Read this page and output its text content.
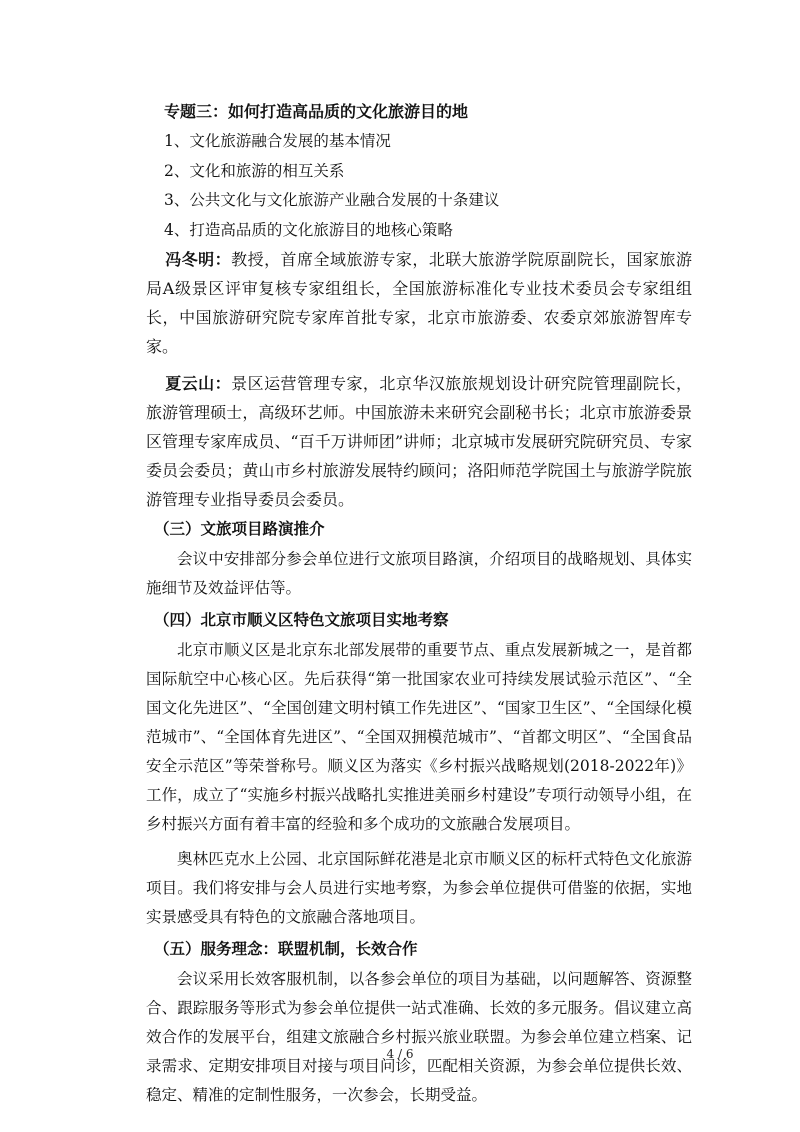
专题三：如何打造高品质的文化旅游目的地
1、文化旅游融合发展的基本情况
2、文化和旅游的相互关系
3、公共文化与文化旅游产业融合发展的十条建议
4、打造高品质的文化旅游目的地核心策略
冯冬明：教授，首席全域旅游专家，北联大旅游学院原副院长，国家旅游局A级景区评审复核专家组组长，全国旅游标准化专业技术委员会专家组组长，中国旅游研究院专家库首批专家，北京市旅游委、农委京郊旅游智库专家。
夏云山：景区运营管理专家，北京华汉旅旅规划设计研究院管理副院长，旅游管理硕士，高级环艺师。中国旅游未来研究会副秘书长；北京市旅游委景区管理专家库成员、“百千万讲师团”讲师；北京城市发展研究院研究员、专家委员会委员；黄山市乡村旅游发展特约顾问；洛阳师范学院国土与旅游学院旅游管理专业指导委员会委员。
（三）文旅项目路演推介
会议中安排部分参会单位进行文旅项目路演，介绍项目的战略规划、具体实施细节及效益评估等。
（四）北京市顺义区特色文旅项目实地考察
北京市顺义区是北京东北部发展带的重要节点、重点发展新城之一，是首都国际航空中心核心区。先后获得“第一批国家农业可持续发展试验示范区”、“全国文化先进区”、“全国创建文明村镇工作先进区”、“国家卫生区”、“全国绿化模范城市”、“全国体育先进区”、“全国双拥模范城市”、“首都文明区”、“全国食品安全示范区”等荣誉称号。顺义区为落实《乡村振兴战略规划(2018-2022年)》工作，成立了“实施乡村振兴战略扎实推进美丽乡村建设”专项行动领导小组，在乡村振兴方面有着丰富的经验和多个成功的文旅融合发展项目。
奥林匹克水上公园、北京国际鲜花港是北京市顺义区的标杆式特色文化旅游项目。我们将安排与会人员进行实地考察，为参会单位提供可借鉴的依据，实地实景感受具有特色的文旅融合落地项目。
（五）服务理念：联盟机制，长效合作
会议采用长效客服机制，以各参会单位的项目为基础，以问题解答、资源整合、跟踪服务等形式为参会单位提供一站式准确、长效的多元服务。倡议建立高效合作的发展平台，组建文旅融合乡村振兴旅业联盟。为参会单位建立档案、记录需求、定期安排项目对接与项目问诊，匹配相关资源，为参会单位提供长效、稳定、精准的定制性服务，一次参会，长期受益。
4 / 6
